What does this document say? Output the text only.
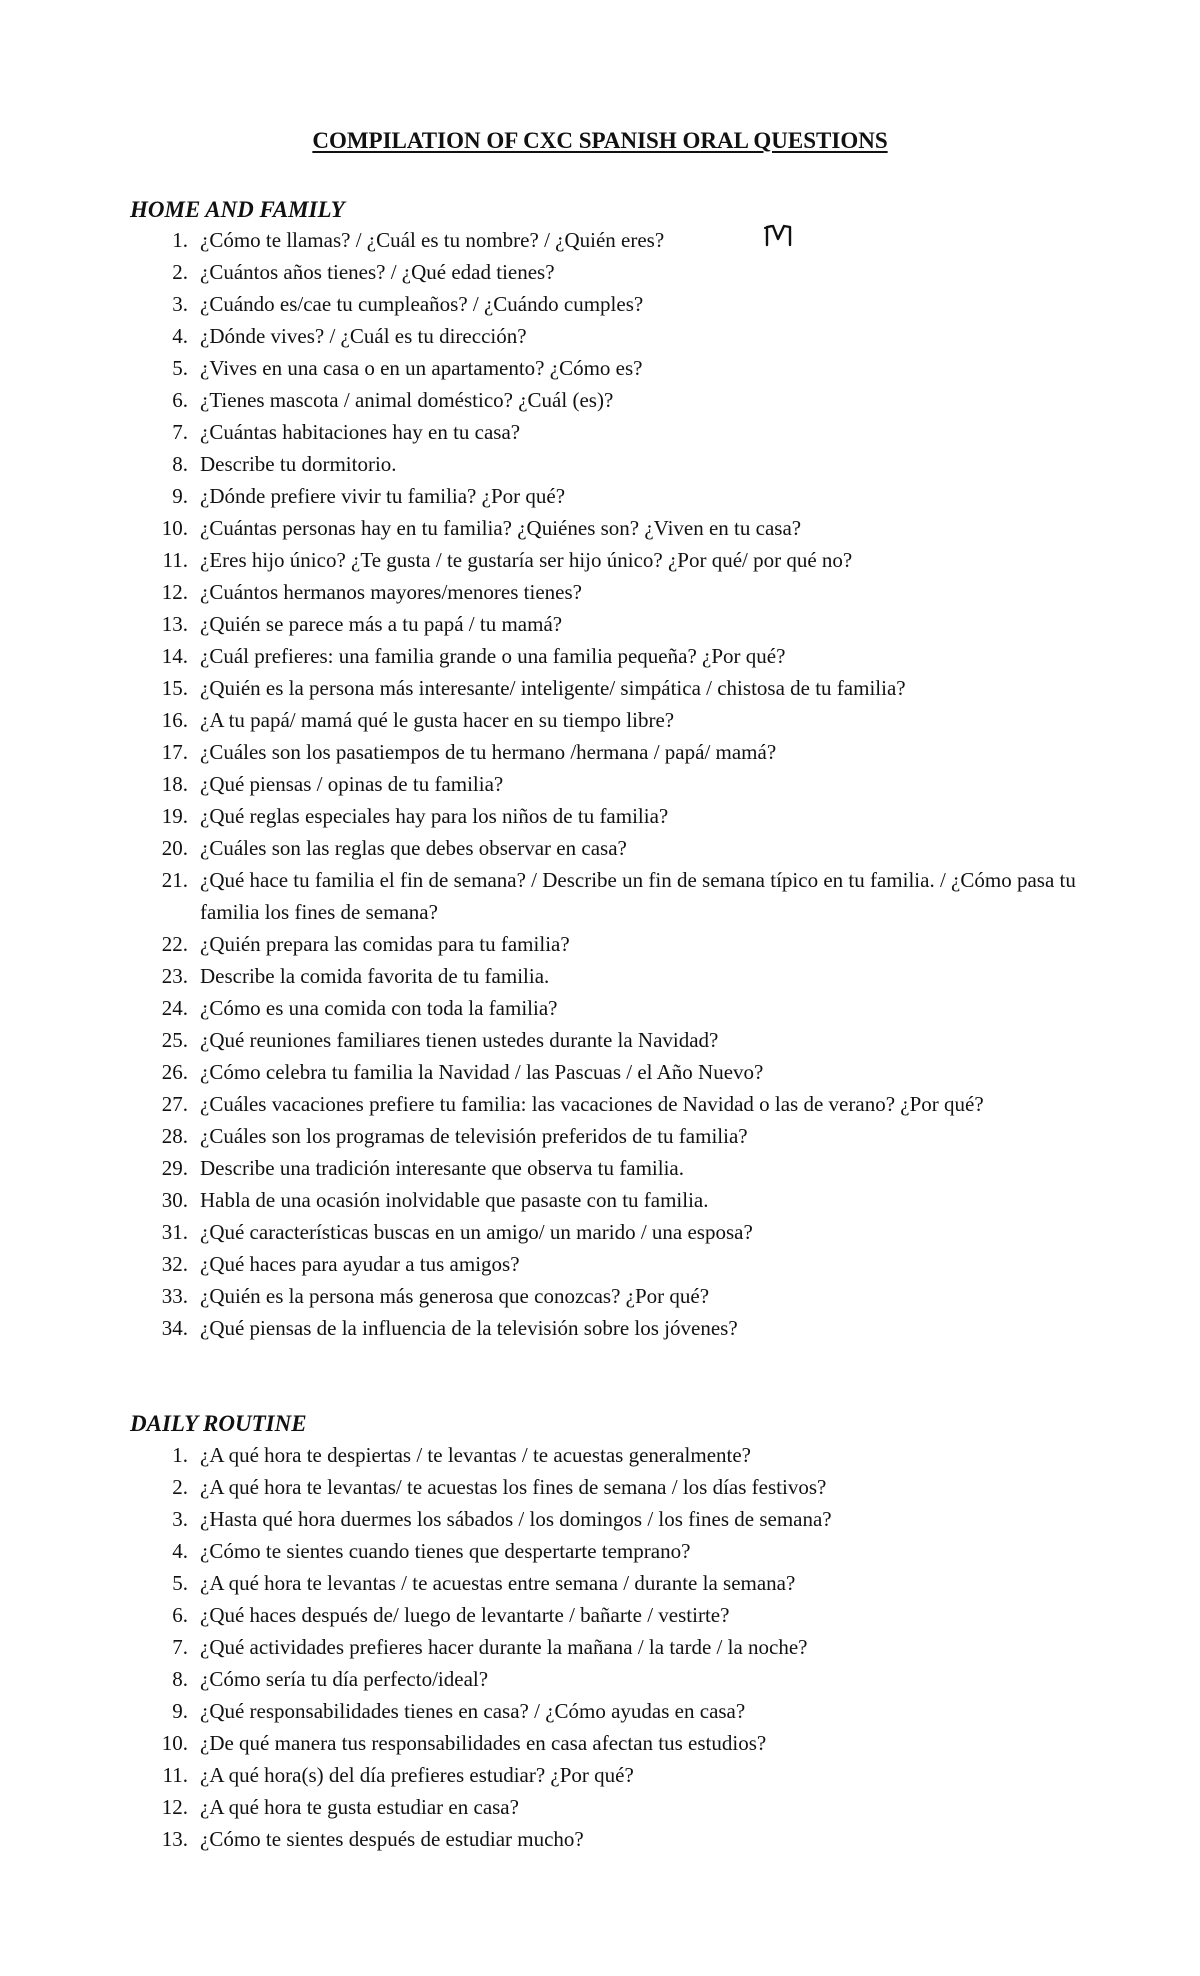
COMPILATION OF CXC SPANISH ORAL QUESTIONS
HOME AND FAMILY
1. ¿Cómo te llamas? / ¿Cuál es tu nombre? / ¿Quién eres?
2. ¿Cuántos años tienes? / ¿Qué edad tienes?
3. ¿Cuándo es/cae tu cumpleaños? / ¿Cuándo cumples?
4. ¿Dónde vives? / ¿Cuál es tu dirección?
5. ¿Vives en una casa o en un apartamento? ¿Cómo es?
6. ¿Tienes mascota / animal doméstico? ¿Cuál (es)?
7. ¿Cuántas habitaciones hay en tu casa?
8. Describe tu dormitorio.
9. ¿Dónde prefiere vivir tu familia? ¿Por qué?
10. ¿Cuántas personas hay en tu familia? ¿Quiénes son? ¿Viven en tu casa?
11. ¿Eres hijo único? ¿Te gusta / te gustaría ser hijo único? ¿Por qué/ por qué no?
12. ¿Cuántos hermanos mayores/menores tienes?
13. ¿Quién se parece más a tu papá / tu mamá?
14. ¿Cuál prefieres: una familia grande o una familia pequeña? ¿Por qué?
15. ¿Quién es la persona más interesante/ inteligente/ simpática / chistosa de tu familia?
16. ¿A tu papá/ mamá qué le gusta hacer en su tiempo libre?
17. ¿Cuáles son los pasatiempos de tu hermano /hermana / papá/ mamá?
18. ¿Qué piensas / opinas de tu familia?
19. ¿Qué reglas especiales hay para los niños de tu familia?
20. ¿Cuáles son las reglas que debes observar en casa?
21. ¿Qué hace tu familia el fin de semana? / Describe un fin de semana típico en tu familia. / ¿Cómo pasa tu familia los fines de semana?
22. ¿Quién prepara las comidas para tu familia?
23. Describe la comida favorita de tu familia.
24. ¿Cómo es una comida con toda la familia?
25. ¿Qué reuniones familiares tienen ustedes durante la Navidad?
26. ¿Cómo celebra tu familia la Navidad / las Pascuas / el Año Nuevo?
27. ¿Cuáles vacaciones prefiere tu familia: las vacaciones de Navidad o las de verano? ¿Por qué?
28. ¿Cuáles son los programas de televisión preferidos de tu familia?
29. Describe una tradición interesante que observa tu familia.
30. Habla de una ocasión inolvidable que pasaste con tu familia.
31. ¿Qué características buscas en un amigo/ un marido / una esposa?
32. ¿Qué haces para ayudar a tus amigos?
33. ¿Quién es la persona más generosa que conozcas? ¿Por qué?
34. ¿Qué piensas de la influencia de la televisión sobre los jóvenes?
DAILY ROUTINE
1. ¿A qué hora te despiertas / te levantas / te acuestas generalmente?
2. ¿A qué hora te levantas/ te acuestas los fines de semana / los días festivos?
3. ¿Hasta qué hora duermes los sábados / los domingos / los fines de semana?
4. ¿Cómo te sientes cuando tienes que despertarte temprano?
5. ¿A qué hora te levantas / te acuestas entre semana / durante la semana?
6. ¿Qué haces después de/ luego de levantarte / bañarte / vestirte?
7. ¿Qué actividades prefieres hacer durante la mañana / la tarde / la noche?
8. ¿Cómo sería tu día perfecto/ideal?
9. ¿Qué responsabilidades tienes en casa? / ¿Cómo ayudas en casa?
10. ¿De qué manera tus responsabilidades en casa afectan tus estudios?
11. ¿A qué hora(s) del día prefieres estudiar? ¿Por qué?
12. ¿A qué hora te gusta estudiar en casa?
13. ¿Cómo te sientes después de estudiar mucho?
